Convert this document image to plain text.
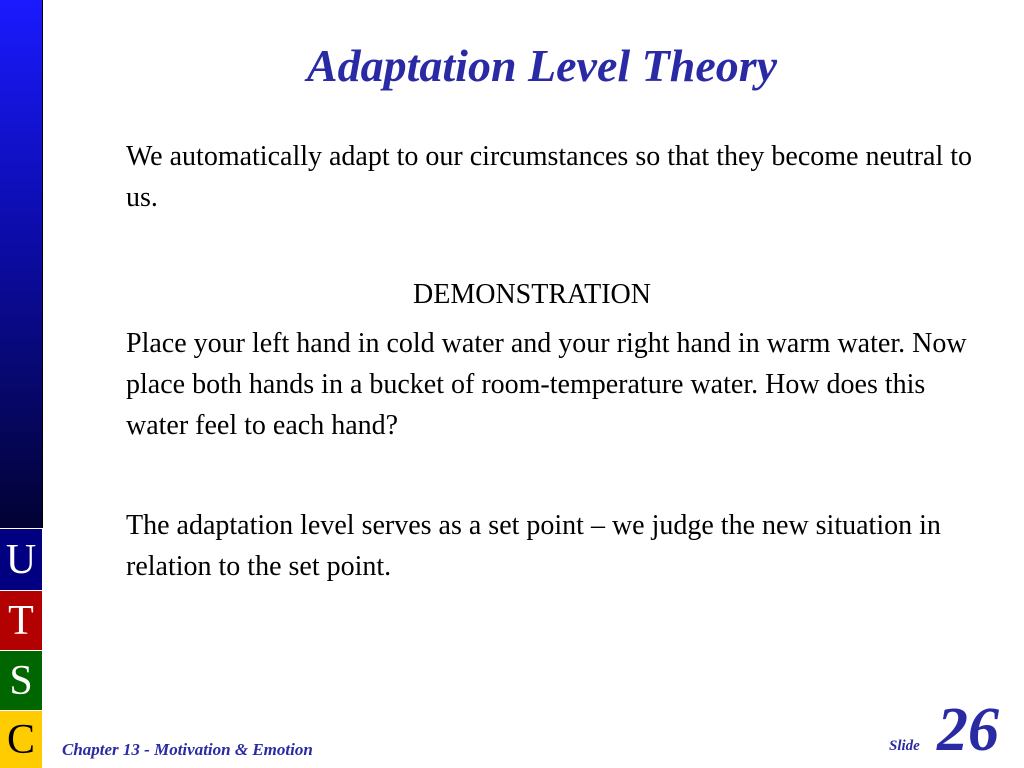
U
T
S
C
Adaptation Level Theory
We automatically adapt to our circumstances so that they become neutral to us.
DEMONSTRATION
Place your left hand in cold water and your right hand in warm water. Now place both hands in a bucket of room-temperature water. How does this water feel to each hand?
The adaptation level serves as a set point – we judge the new situation in relation to the set point.
Chapter 13 - Motivation & Emotion	Slide 26
